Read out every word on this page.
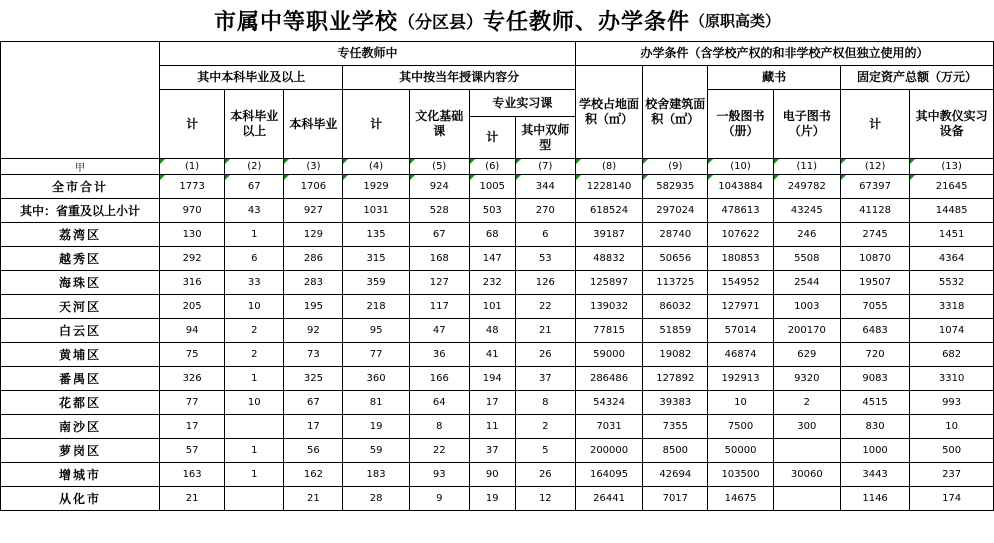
市属中等职业学校 （分区县） 专任教师、办学条件 （原职高类）
	专任教师中							办学条件（含学校产权的和非学校产权但独立使用的）					
	其中本科毕业及以上			其中按当年授课内容分				学校占地面积（㎡）	校舍建筑面积（㎡）	藏书		固定资产总额（万元）	
	计	本科毕业以上	本科毕业	计	文化基础课	专业实习课				一般图书（册）	电子图书（片）	计	其中教仪实习设备
						计	其中双师型						
甲	(1)	(2)	(3)	(4)	(5)	(6)	(7)	(8)	(9)	(10)	(11)	(12)	(13)
全市合计	1773	67	1706	1929	924	1005	344	1228140	582935	1043884	249782	67397	21645
其中：省重及以上小计	970	43	927	1031	528	503	270	618524	297024	478613	43245	41128	14485
荔湾区	130	1	129	135	67	68	6	39187	28740	107622	246	2745	1451
越秀区	292	6	286	315	168	147	53	48832	50656	180853	5508	10870	4364
海珠区	316	33	283	359	127	232	126	125897	113725	154952	2544	19507	5532
天河区	205	10	195	218	117	101	22	139032	86032	127971	1003	7055	3318
白云区	94	2	92	95	47	48	21	77815	51859	57014	200170	6483	1074
黄埔区	75	2	73	77	36	41	26	59000	19082	46874	629	720	682
番禺区	326	1	325	360	166	194	37	286486	127892	192913	9320	9083	3310
花都区	77	10	67	81	64	17	8	54324	39383	10	2	4515	993
南沙区	17		17	19	8	11	2	7031	7355	7500	300	830	10
萝岗区	57	1	56	59	22	37	5	200000	8500	50000		1000	500
增城市	163	1	162	183	93	90	26	164095	42694	103500	30060	3443	237
从化市	21		21	28	9	19	12	26441	7017	14675		1146	174
